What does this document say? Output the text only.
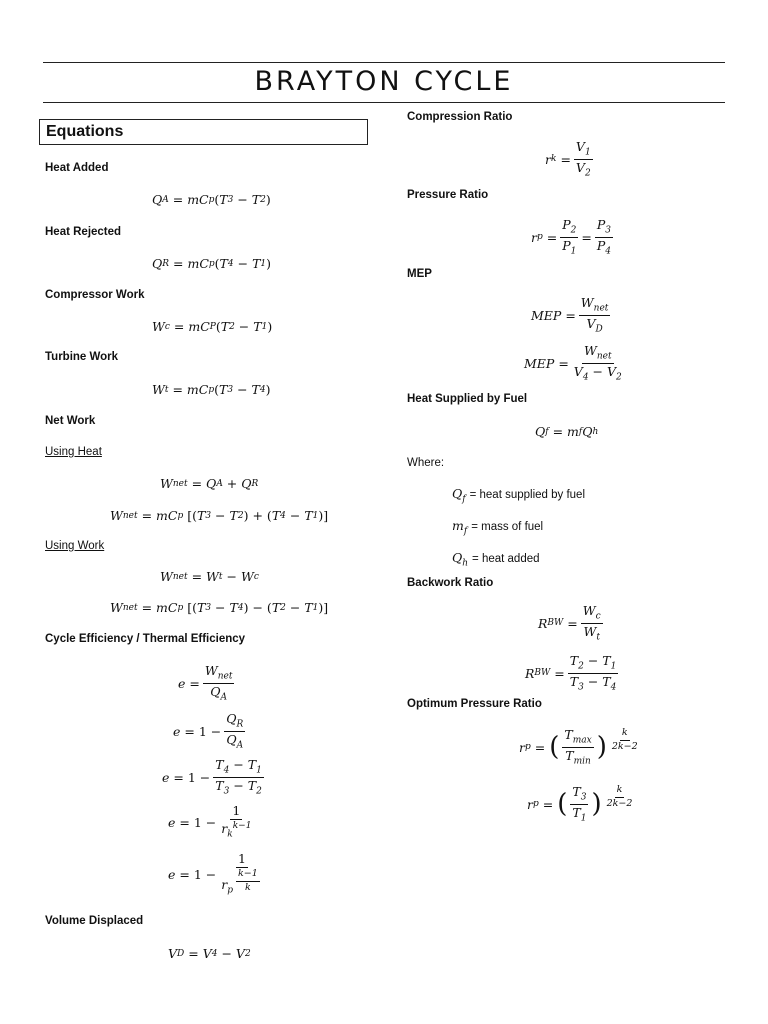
BRAYTON CYCLE
Equations
Heat Added
Q A
= mC p ( T 3
− T 2 )
Heat Rejected
Q R
= mC p ( T 4
− T 1 )
Compressor Work
W c
= mC P ( T 2
− T 1 )
Turbine Work
W t
= mC p ( T 3
− T 4 )
Net Work
Using Heat
W net
= Q A
+ Q R
W net
= mC p
[( T 3
− T 2 )
+
( T 4
− T 1 )]
Using Work
W net
= W t
− W c
W net
= mC p
[( T 3
− T 4 )
−
( T 2
− T 1 )]
Cycle Efficiency / Thermal Efficiency
$e = \frac{W_{net}}{Q_A}$
e =
$1 - \frac{Q_R}{Q_A}$
e =
$1 - \frac{T_4 - T_1}{T_3 - T_2}$
e =
$1 - \frac{1}{r_k^{k-1}}$
e =
1 − 1
$r_p$ $^{\frac{k-1}{k}}$
Volume Displaced
V D
= V 4
− V 2
Compression Ratio
r k
= $\frac{V_1}{V_2}$
Pressure Ratio
r p
= $\frac{P_2}{P_1} = \frac{P_3}{P_4}$
MEP
MEP = $\frac{W_{net}}{V_D}$
MEP = $\frac{W_{net}}{V_4 - V_2}$
Heat Supplied by Fuel
Q f
= m f Q h
Where:
$Q_f$ = heat supplied by fuel
$m_f$ = mass of fuel
$Q_h$ = heat added
Backwork Ratio
R BW
= $\frac{W_c}{W_t}$
R BW
= $\frac{T_2 - T_1}{T_3 - T_4}$
Optimum Pressure Ratio
r p
=
( $\frac{T_{max}}{T_{min}}$ ) $^{\frac{k}{2k-2}}$
r p
=
( $\frac{T_3}{T_1}$ ) $^{\frac{k}{2k-2}}$
